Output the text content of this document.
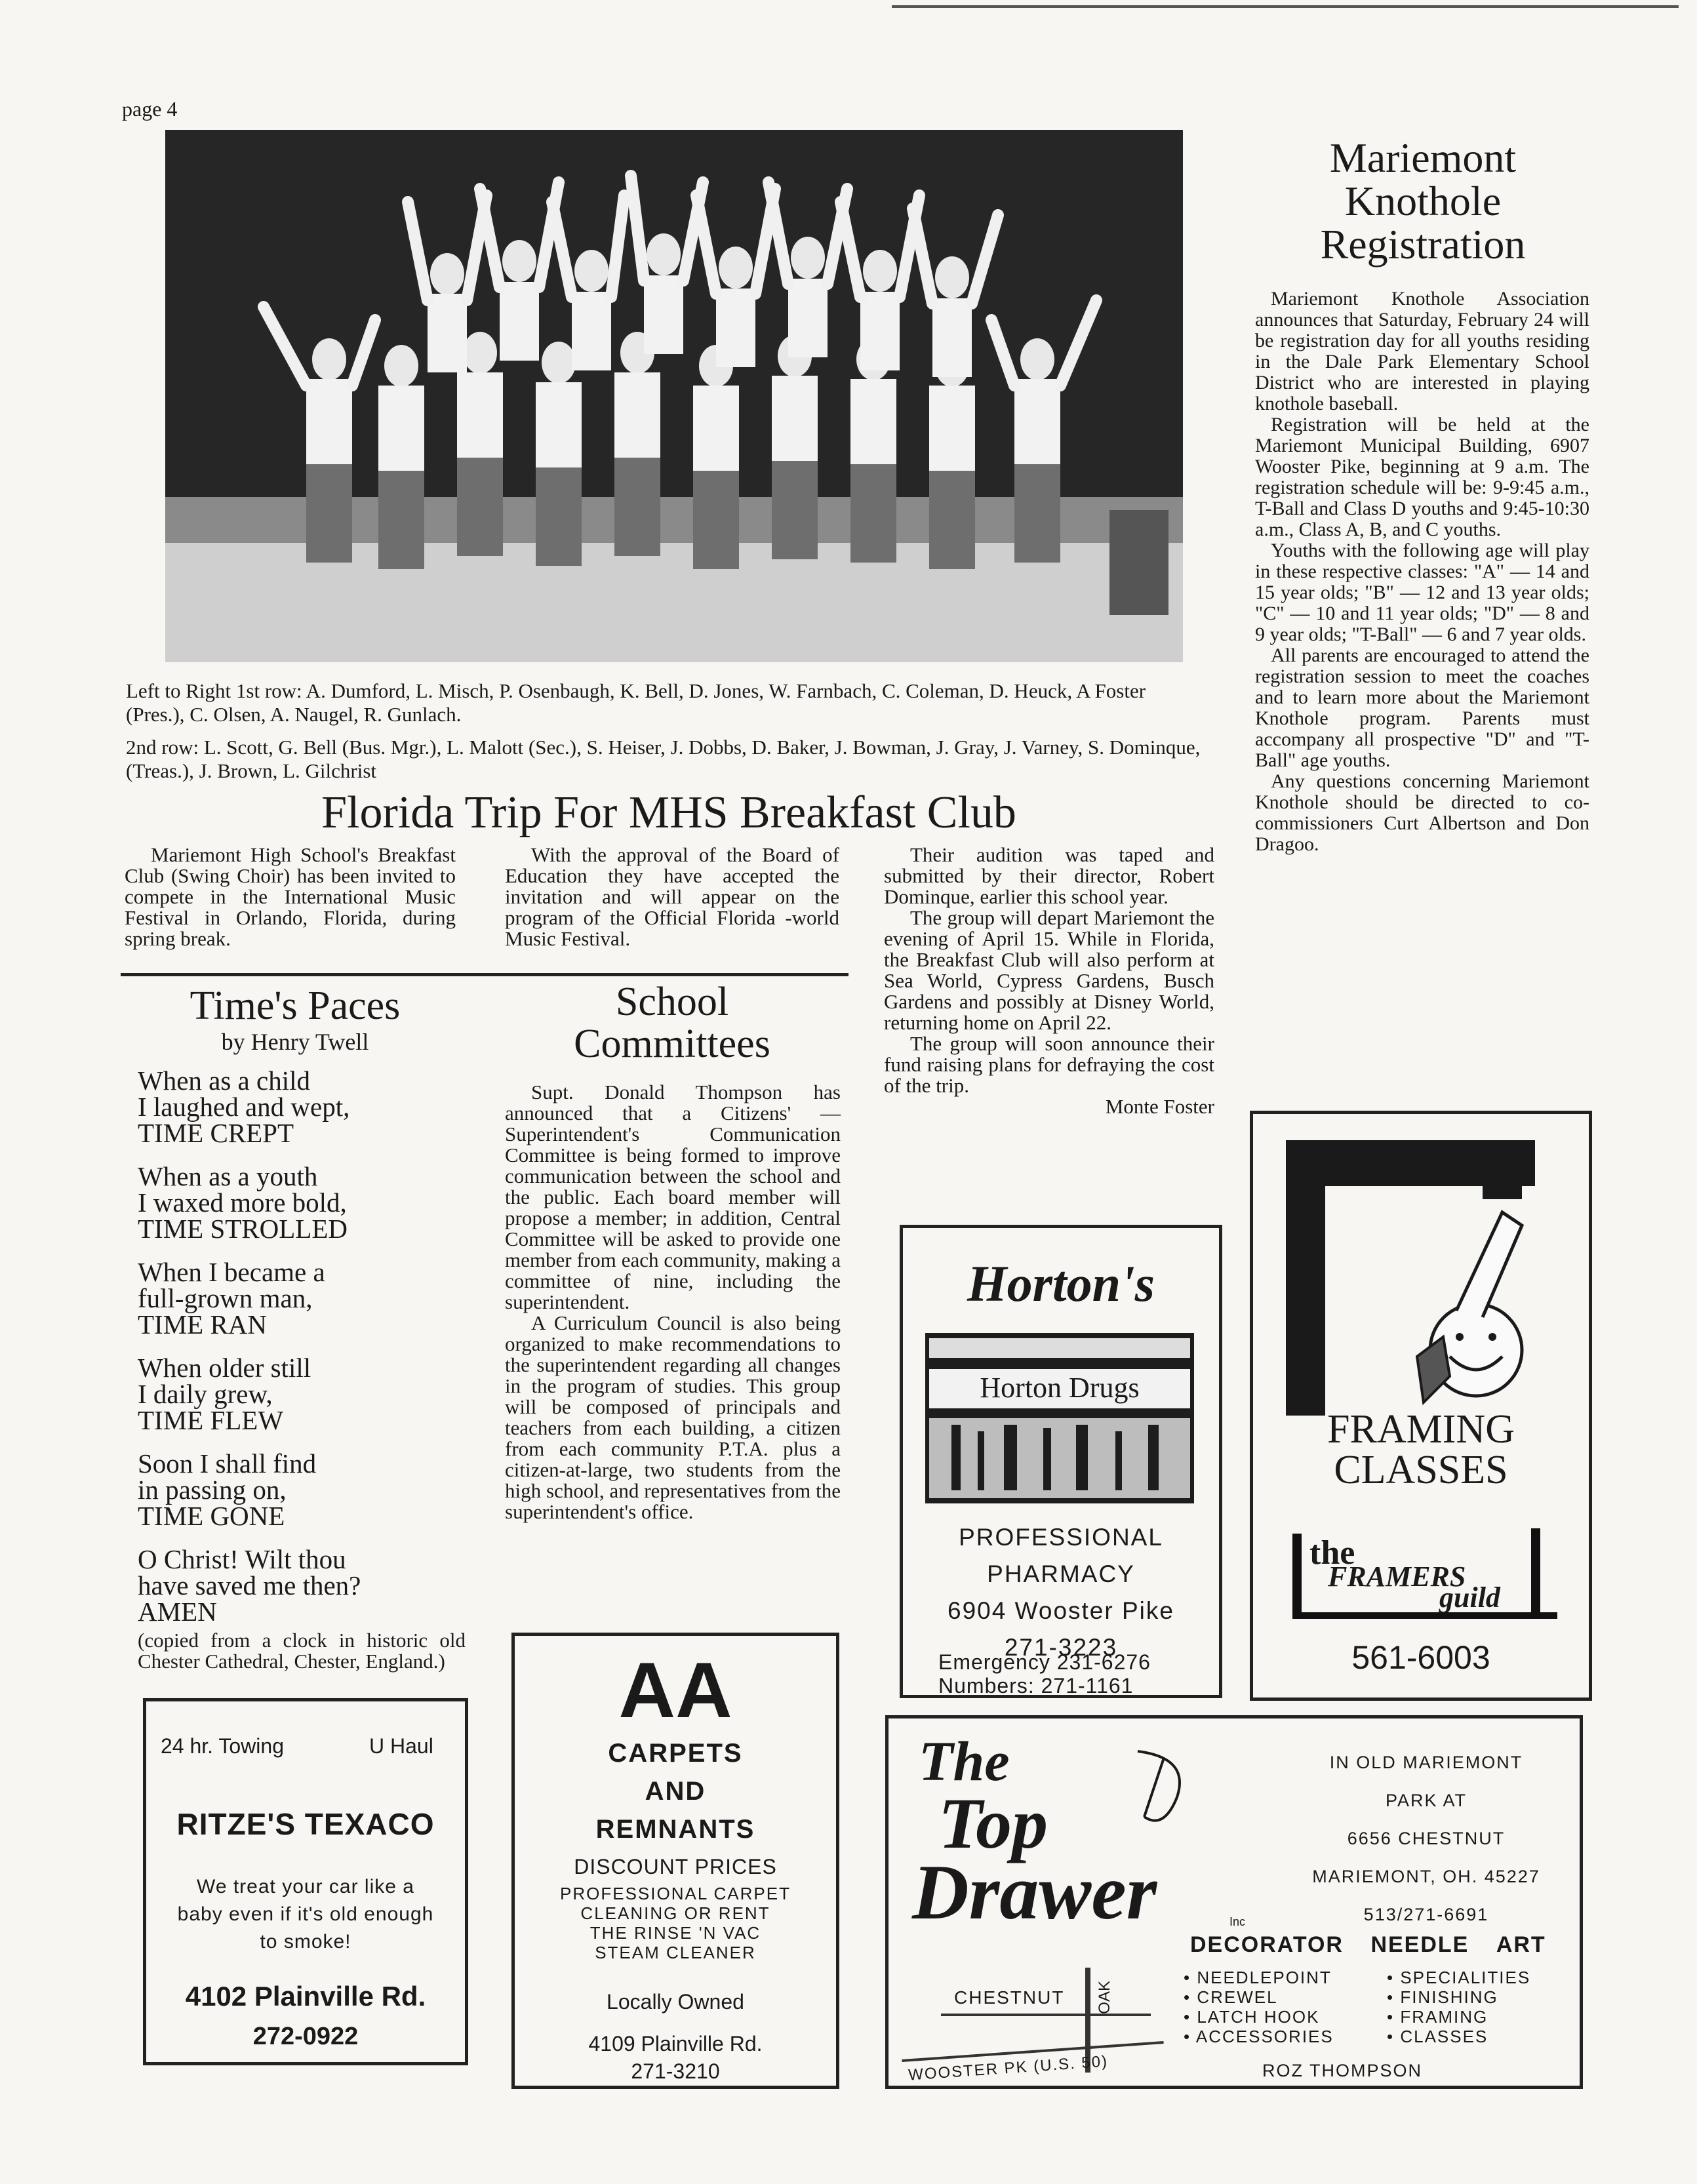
page 4

Left to Right 1st row: A. Dumford, L. Misch, P. Osenbaugh, K. Bell, D. Jones, W. Farnbach, C. Coleman, D. Heuck, A Foster (Pres.), C. Olsen, A. Naugel, R. Gunlach.

2nd row: L. Scott, G. Bell (Bus. Mgr.), L. Malott (Sec.), S. Heiser, J. Dobbs, D. Baker, J. Bowman, J. Gray, J. Varney, S. Dominque, (Treas.), J. Brown, L. Gilchrist

Florida Trip For MHS Breakfast Club

Mariemont High School's Breakfast Club (Swing Choir) has been invited to compete in the International Music Festival in Orlando, Florida, during spring break.

With the approval of the Board of Education they have accepted the invitation and will appear on the program of the Official Florida -world Music Festival.

Their audition was taped and submitted by their director, Robert Dominque, earlier this school year.

The group will depart Mariemont the evening of April 15. While in Florida, the Breakfast Club will also perform at Sea World, Cypress Gardens, Busch Gardens and possibly at Disney World, returning home on April 22.

The group will soon announce their fund raising plans for defraying the cost of the trip.

Monte Foster

Time's Paces
by Henry Twell
When as a child
I laughed and wept,
TIME CREPT
When as a youth
I waxed more bold,
TIME STROLLED
When I became a
full-grown man,
TIME RAN
When older still
I daily grew,
TIME FLEW
Soon I shall find
in passing on,
TIME GONE
O Christ! Wilt thou
have saved me then?
AMEN
(copied from a clock in historic old Chester Cathedral, Chester, England.)
School
Committees

Supt. Donald Thompson has announced that a Citizens' — Superintendent's Communication Committee is being formed to improve communication between the school and the public. Each board member will propose a member; in addition, Central Committee will be asked to provide one member from each community, making a committee of nine, including the superintendent.

A Curriculum Council is also being organized to make recommendations to the superintendent regarding all changes in the program of studies. This group will be composed of principals and teachers from each building, a citizen from each community P.T.A. plus a citizen-at-large, two students from the high school, and representatives from the superintendent's office.

Mariemont
Knothole
Registration

Mariemont Knothole Association announces that Saturday, February 24 will be registration day for all youths residing in the Dale Park Elementary School District who are interested in playing knothole baseball.

Registration will be held at the Mariemont Municipal Building, 6907 Wooster Pike, beginning at 9 a.m. The registration schedule will be: 9-9:45 a.m., T-Ball and Class D youths and 9:45-10:30 a.m., Class A, B, and C youths.

Youths with the following age will play in these respective classes: "A" — 14 and 15 year olds; "B" — 12 and 13 year olds; "C" — 10 and 11 year olds; "D" — 8 and 9 year olds; "T-Ball" — 6 and 7 year olds.

All parents are encouraged to attend the registration session to meet the coaches and to learn more about the Mariemont Knothole program. Parents must accompany all prospective "D" and "T-Ball" age youths.

Any questions concerning Mariemont Knothole should be directed to co-commissioners Curt Albertson and Don Dragoo.

Horton's
Horton Drugs
PROFESSIONAL
PHARMACY
6904 Wooster Pike
271-3223
Emergency 231-6276
Numbers: 271-1161
FRAMING
CLASSES
the
FRAMERS
guild
561-6003
24 hr. Towing	U Haul
RITZE'S TEXACO
We treat your car like a baby even if it's old enough to smoke!
4102 Plainville Rd.
272-0922
AA
CARPETS
AND
REMNANTS
DISCOUNT PRICES
PROFESSIONAL CARPET
CLEANING OR RENT
THE RINSE 'N VAC
STEAM CLEANER
Locally Owned
4109 Plainville Rd.
271-3210
The
Top
Drawer	Inc
IN OLD MARIEMONT
PARK AT
6656 CHESTNUT
MARIEMONT, OH. 45227
513/271-6691
DECORATOR NEEDLE ART
CHESTNUT OAK
WOOSTER PK (U.S. 50)
• NEEDLEPOINT
• CREWEL
• LATCH HOOK
• ACCESSORIES
• SPECIALITIES
• FINISHING
• FRAMING
• CLASSES
ROZ THOMPSON
